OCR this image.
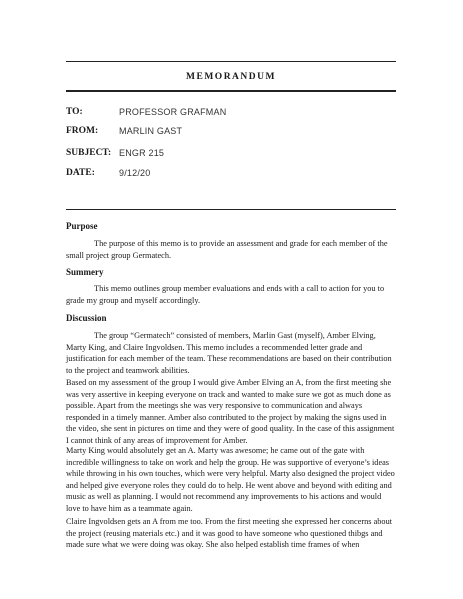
MEMORANDUM
TO:	PROFESSOR GRAFMAN
FROM: MARLIN GAST
SUBJECT: ENGR 215
DATE:	9/12/20
Purpose

The purpose of this memo is to provide an assessment and grade for each member of the small project group Germatech.

Summery

This memo outlines group member evaluations and ends with a call to action for you to grade my group and myself accordingly.

Discussion

The group “Germatech” consisted of members, Marlin Gast (myself), Amber Elving, Marty King, and Claire Ingvoldsen. This memo includes a recommended letter grade and justification for each member of the team. These recommendations are based on their contribution to the project and teamwork abilities.

Based on my assessment of the group I would give Amber Elving an A, from the first meeting she was very assertive in keeping everyone on track and wanted to make sure we got as much done as possible. Apart from the meetings she was very responsive to communication and always responded in a timely manner. Amber also contributed to the project by making the signs used in the video, she sent in pictures on time and they were of good quality. In the case of this assignment I cannot think of any areas of improvement for Amber.

Marty King would absolutely get an A. Marty was awesome; he came out of the gate with incredible willingness to take on work and help the group. He was supportive of everyone’s ideas while throwing in his own touches, which were very helpful. Marty also designed the project video and helped give everyone roles they could do to help. He went above and beyond with editing and music as well as planning. I would not recommend any improvements to his actions and would love to have him as a teammate again.

Claire Ingvoldsen gets an A from me too. From the first meeting she expressed her concerns about the project (reusing materials etc.) and it was good to have someone who questioned thibgs and made sure what we were doing was okay. She also helped establish time frames of when
